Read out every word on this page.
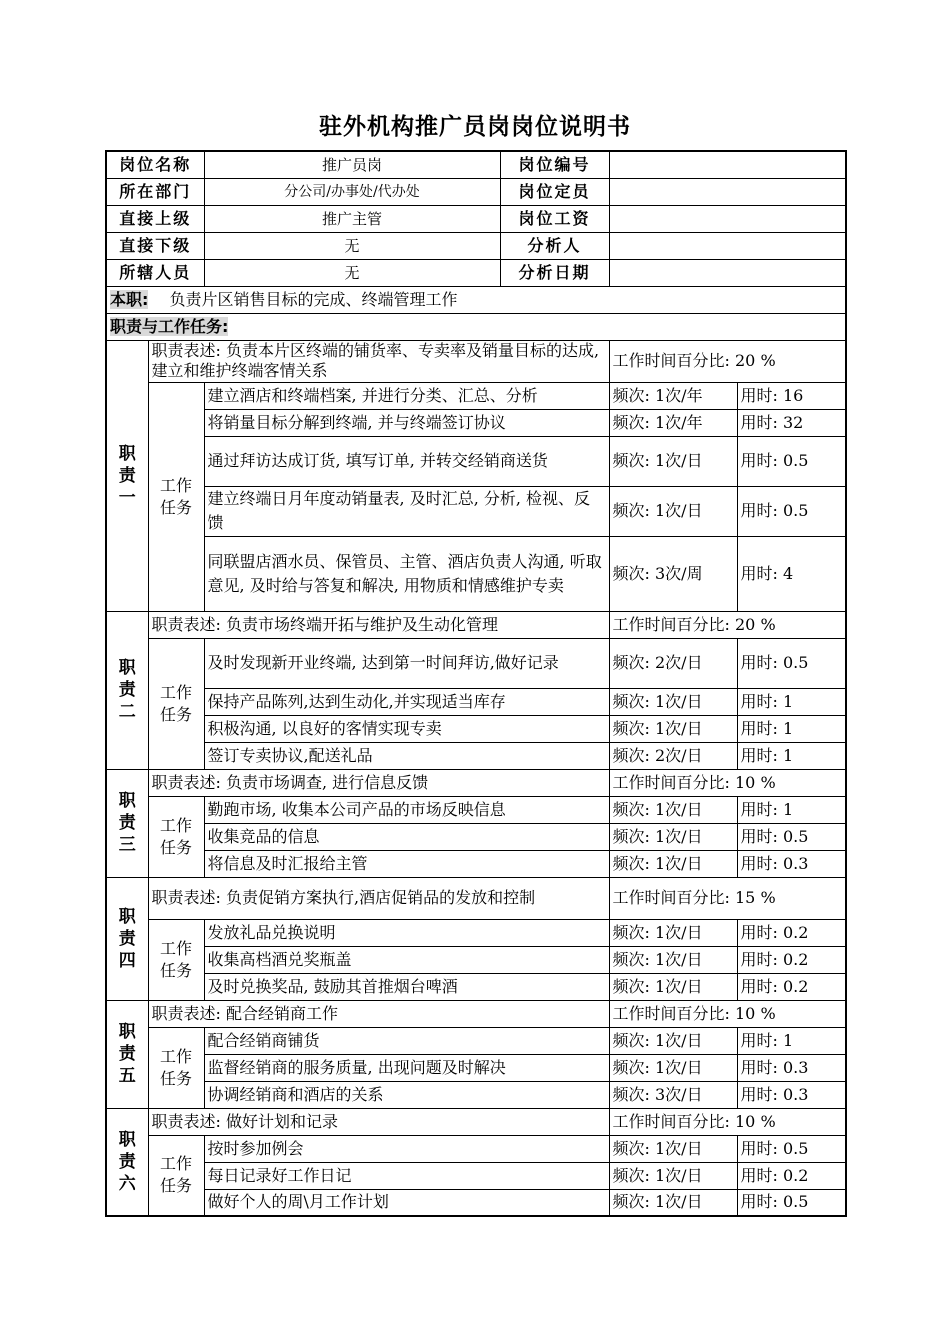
驻外机构推广员岗岗位说明书
岗位名称		推广员岗	岗位编号		
所在部门		分公司/办事处/代办处	岗位定员		
直接上级		推广主管	岗位工资		
直接下级		无	分析人		
所辖人员		无	分析日期		
本职: 负责片区销售目标的完成、终端管理工作					
职责与工作任务:					
职责一	职责表述: 负责本片区终端的铺货率、专卖率及销量目标的达成, 建立和维护终端客情关系			工作时间百分比: 20 %	
	工作任务	建立酒店和终端档案, 并进行分类、汇总、分析		频次: 1次/年	用时: 16
		将销量目标分解到终端, 并与终端签订协议		频次: 1次/年	用时: 32
		通过拜访达成订货, 填写订单, 并转交经销商送货		频次: 1次/日	用时: 0.5
		建立终端日月年度动销量表, 及时汇总, 分析, 检视、反馈		频次: 1次/日	用时: 0.5
		同联盟店酒水员、保管员、主管、酒店负责人沟通, 听取意见, 及时给与答复和解决, 用物质和情感维护专卖		频次: 3次/周	用时: 4
职责二	职责表述: 负责市场终端开拓与维护及生动化管理			工作时间百分比: 20 %	
	工作任务	及时发现新开业终端, 达到第一时间拜访,做好记录		频次: 2次/日	用时: 0.5
		保持产品陈列,达到生动化,并实现适当库存		频次: 1次/日	用时: 1
		积极沟通, 以良好的客情实现专卖		频次: 1次/日	用时: 1
		签订专卖协议,配送礼品		频次: 2次/日	用时: 1
职责三	职责表述: 负责市场调查, 进行信息反馈			工作时间百分比: 10 %	
	工作任务	勤跑市场, 收集本公司产品的市场反映信息		频次: 1次/日	用时: 1
		收集竞品的信息		频次: 1次/日	用时: 0.5
		将信息及时汇报给主管		频次: 1次/日	用时: 0.3
职责四	职责表述: 负责促销方案执行,酒店促销品的发放和控制			工作时间百分比: 15 %	
	工作任务	发放礼品兑换说明		频次: 1次/日	用时: 0.2
		收集高档酒兑奖瓶盖		频次: 1次/日	用时: 0.2
		及时兑换奖品, 鼓励其首推烟台啤酒		频次: 1次/日	用时: 0.2
职责五	职责表述: 配合经销商工作			工作时间百分比: 10 %	
	工作任务	配合经销商铺货		频次: 1次/日	用时: 1
		监督经销商的服务质量, 出现问题及时解决		频次: 1次/日	用时: 0.3
		协调经销商和酒店的关系		频次: 3次/日	用时: 0.3
职责六	职责表述: 做好计划和记录			工作时间百分比: 10 %	
	工作任务	按时参加例会		频次: 1次/日	用时: 0.5
		每日记录好工作日记		频次: 1次/日	用时: 0.2
		做好个人的周\月工作计划		频次: 1次/日	用时: 0.5
